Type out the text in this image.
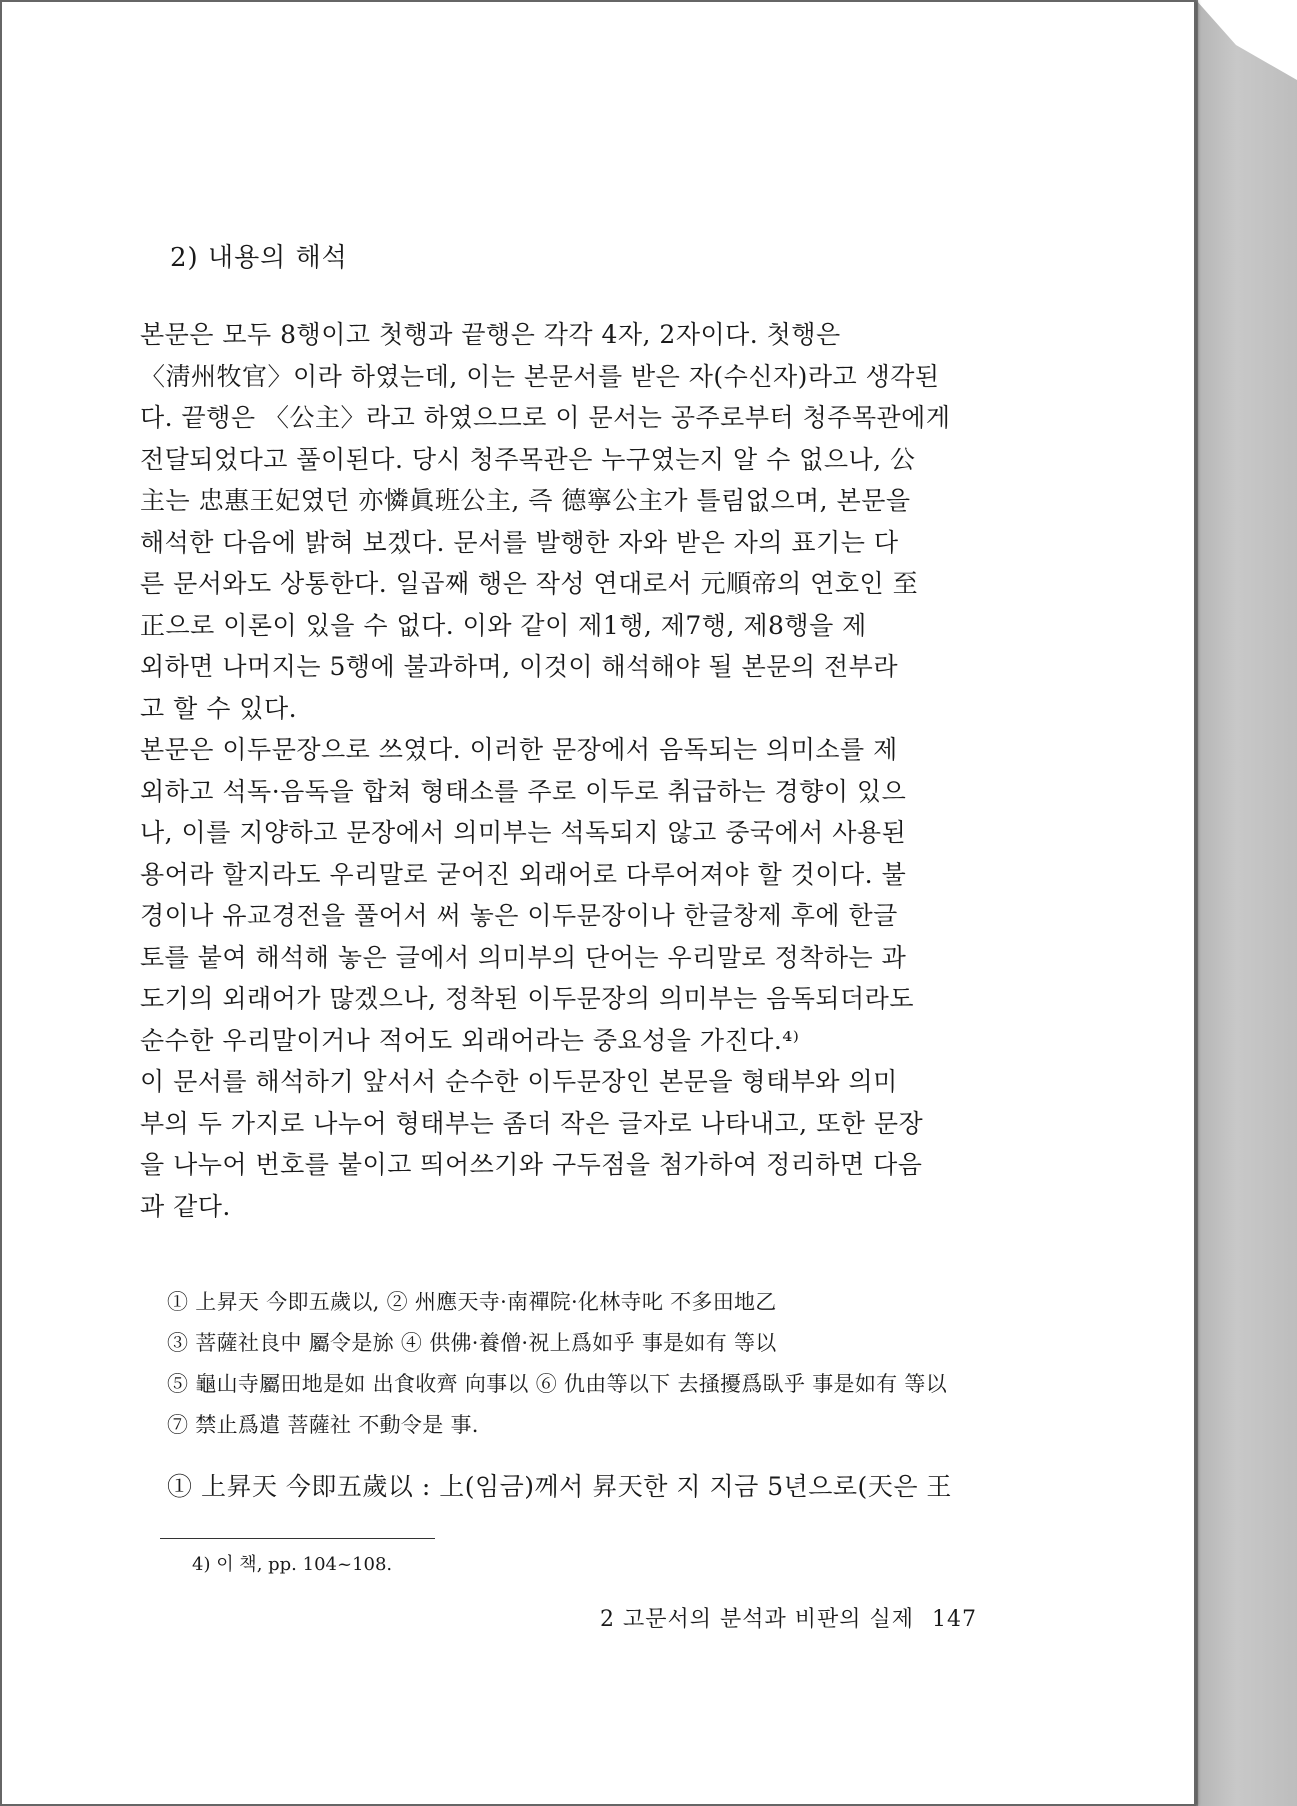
2) 내용의 해석
본문은 모두 8행이고 첫행과 끝행은 각각 4자, 2자이다. 첫행은
〈淸州牧官〉이라 하였는데, 이는 본문서를 받은 자(수신자)라고 생각된
다. 끝행은 〈公主〉라고 하였으므로 이 문서는 공주로부터 청주목관에게
전달되었다고 풀이된다. 당시 청주목관은 누구였는지 알 수 없으나, 公
主는 忠惠王妃였던 亦憐眞班公主, 즉 德寧公主가 틀림없으며, 본문을
해석한 다음에 밝혀 보겠다. 문서를 발행한 자와 받은 자의 표기는 다
른 문서와도 상통한다. 일곱째 행은 작성 연대로서 元順帝의 연호인 至
正으로 이론이 있을 수 없다. 이와 같이 제1행, 제7행, 제8행을 제
외하면 나머지는 5행에 불과하며, 이것이 해석해야 될 본문의 전부라
고 할 수 있다.
본문은 이두문장으로 쓰였다. 이러한 문장에서 음독되는 의미소를 제
외하고 석독·음독을 합쳐 형태소를 주로 이두로 취급하는 경향이 있으
나, 이를 지양하고 문장에서 의미부는 석독되지 않고 중국에서 사용된
용어라 할지라도 우리말로 굳어진 외래어로 다루어져야 할 것이다. 불
경이나 유교경전을 풀어서 써 놓은 이두문장이나 한글창제 후에 한글
토를 붙여 해석해 놓은 글에서 의미부의 단어는 우리말로 정착하는 과
도기의 외래어가 많겠으나, 정착된 이두문장의 의미부는 음독되더라도
순수한 우리말이거나 적어도 외래어라는 중요성을 가진다.⁴⁾
이 문서를 해석하기 앞서서 순수한 이두문장인 본문을 형태부와 의미
부의 두 가지로 나누어 형태부는 좀더 작은 글자로 나타내고, 또한 문장
을 나누어 번호를 붙이고 띄어쓰기와 구두점을 첨가하여 정리하면 다음
과 같다.
① 上昇天 今即五歲以, ② 州應天寺·南禪院·化林寺叱 不多田地乙
③ 菩薩社良中 屬令是旀 ④ 供佛·養僧·祝上爲如乎 事是如有 等以
⑤ 龜山寺屬田地是如 出食收齊 向事以 ⑥ 仇由等以下 去掻擾爲臥乎 事是如有 等以
⑦ 禁止爲遣 菩薩社 不動令是 事.
① 上昇天 今即五歲以 : 上(임금)께서 昇天한 지 지금 5년으로(天은 王
4) 이 책, pp. 104~108.
2 고문서의 분석과 비판의 실제 147
